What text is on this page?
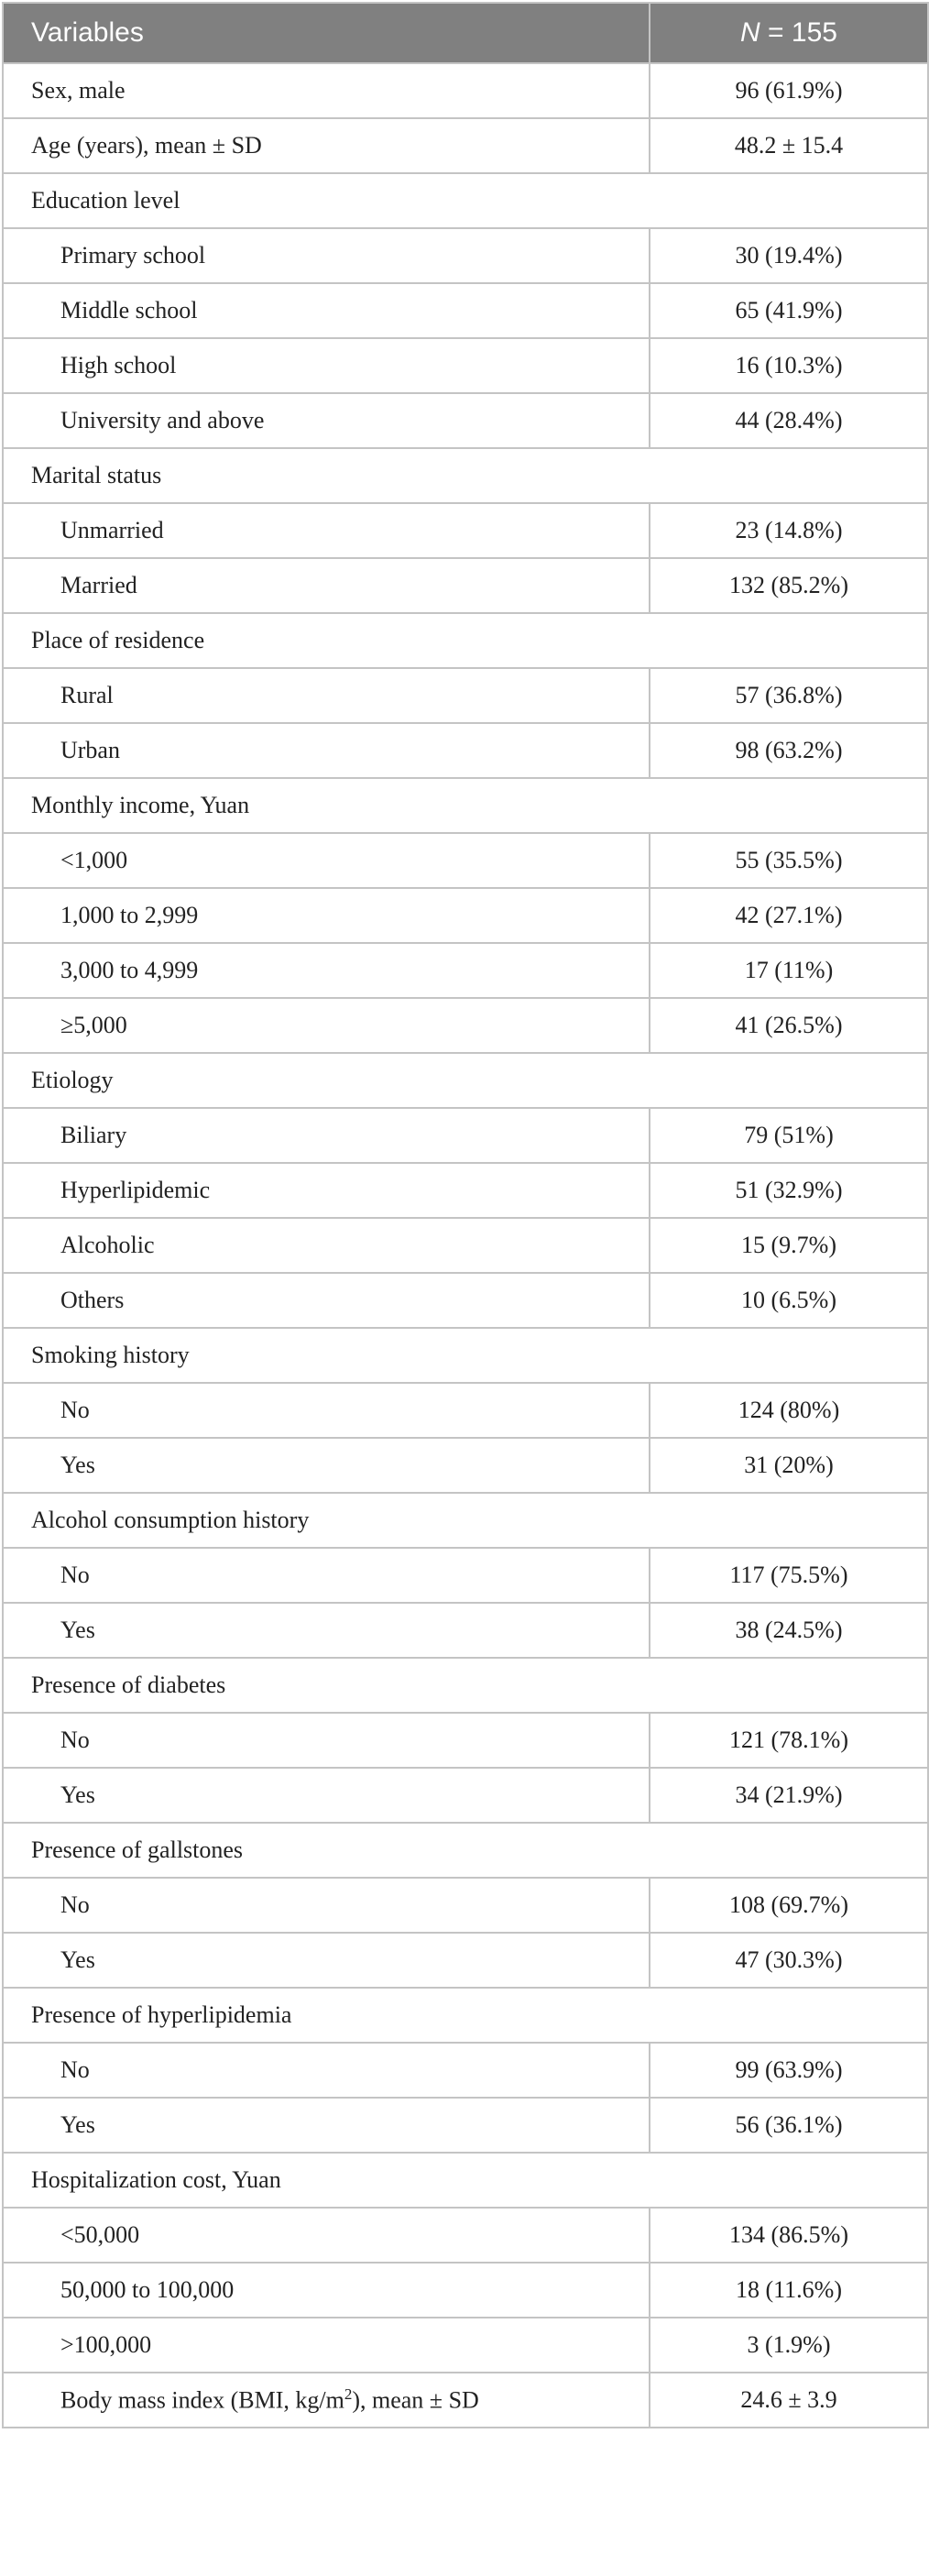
Variables	N = 155
Sex, male	96 (61.9%)
Age (years), mean ± SD	48.2 ± 15.4
Education level	
Primary school	30 (19.4%)
Middle school	65 (41.9%)
High school	16 (10.3%)
University and above	44 (28.4%)
Marital status	
Unmarried	23 (14.8%)
Married	132 (85.2%)
Place of residence	
Rural	57 (36.8%)
Urban	98 (63.2%)
Monthly income, Yuan	
<1,000	55 (35.5%)
1,000 to 2,999	42 (27.1%)
3,000 to 4,999	17 (11%)
≥5,000	41 (26.5%)
Etiology	
Biliary	79 (51%)
Hyperlipidemic	51 (32.9%)
Alcoholic	15 (9.7%)
Others	10 (6.5%)
Smoking history	
No	124 (80%)
Yes	31 (20%)
Alcohol consumption history	
No	117 (75.5%)
Yes	38 (24.5%)
Presence of diabetes	
No	121 (78.1%)
Yes	34 (21.9%)
Presence of gallstones	
No	108 (69.7%)
Yes	47 (30.3%)
Presence of hyperlipidemia	
No	99 (63.9%)
Yes	56 (36.1%)
Hospitalization cost, Yuan	
<50,000	134 (86.5%)
50,000 to 100,000	18 (11.6%)
>100,000	3 (1.9%)
Body mass index (BMI, $kg/m^2$), mean ± SD	24.6 ± 3.9
